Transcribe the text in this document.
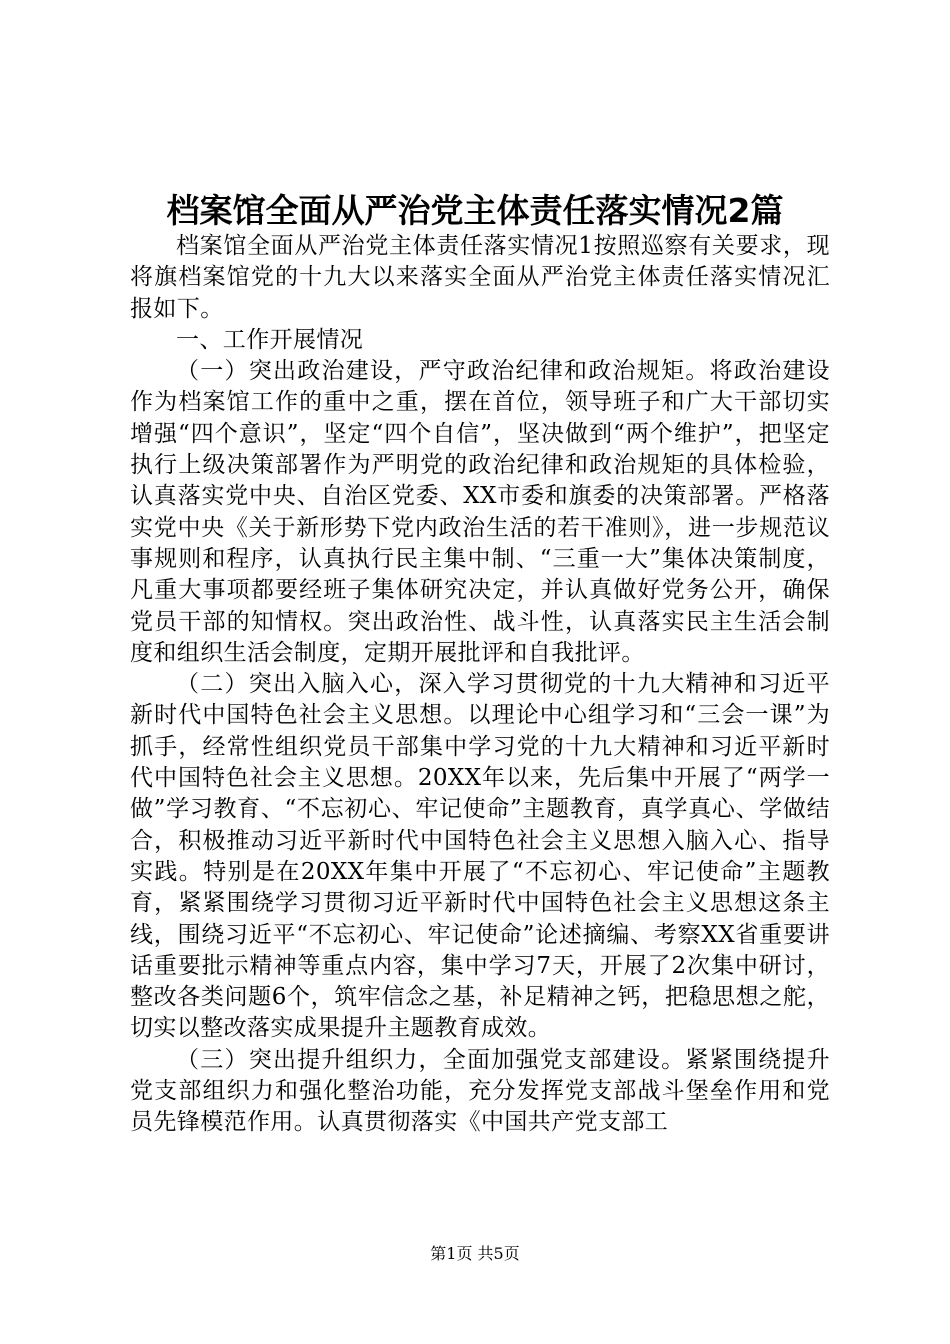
档案馆全面从严治党主体责任落实情况2篇

档案馆全面从严治党主体责任落实情况1按照巡察有关要求，现将旗档案馆党的十九大以来落实全面从严治党主体责任落实情况汇报如下。

一、工作开展情况

（一）突出政治建设，严守政治纪律和政治规矩。将政治建设作为档案馆工作的重中之重，摆在首位，领导班子和广大干部切实增强“四个意识”，坚定“四个自信”，坚决做到“两个维护”，把坚定执行上级决策部署作为严明党的政治纪律和政治规矩的具体检验，认真落实党中央、自治区党委、XX市委和旗委的决策部署。严格落实党中央《关于新形势下党内政治生活的若干准则》，进一步规范议事规则和程序，认真执行民主集中制、“三重一大”集体决策制度，凡重大事项都要经班子集体研究决定，并认真做好党务公开，确保党员干部的知情权。突出政治性、战斗性，认真落实民主生活会制度和组织生活会制度，定期开展批评和自我批评。

（二）突出入脑入心，深入学习贯彻党的十九大精神和习近平新时代中国特色社会主义思想。以理论中心组学习和“三会一课”为抓手，经常性组织党员干部集中学习党的十九大精神和习近平新时代中国特色社会主义思想。20XX年以来，先后集中开展了“两学一做”学习教育、“不忘初心、牢记使命”主题教育，真学真心、学做结合，积极推动习近平新时代中国特色社会主义思想入脑入心、指导实践。特别是在20XX年集中开展了“不忘初心、牢记使命”主题教育，紧紧围绕学习贯彻习近平新时代中国特色社会主义思想这条主线，围绕习近平“不忘初心、牢记使命”论述摘编、考察XX省重要讲话重要批示精神等重点内容，集中学习7天，开展了2次集中研讨，整改各类问题6个，筑牢信念之基，补足精神之钙，把稳思想之舵，切实以整改落实成果提升主题教育成效。

（三）突出提升组织力，全面加强党支部建设。紧紧围绕提升党支部组织力和强化整治功能，充分发挥党支部战斗堡垒作用和党员先锋模范作用。认真贯彻落实《中国共产党支部工

第1页 共5页
